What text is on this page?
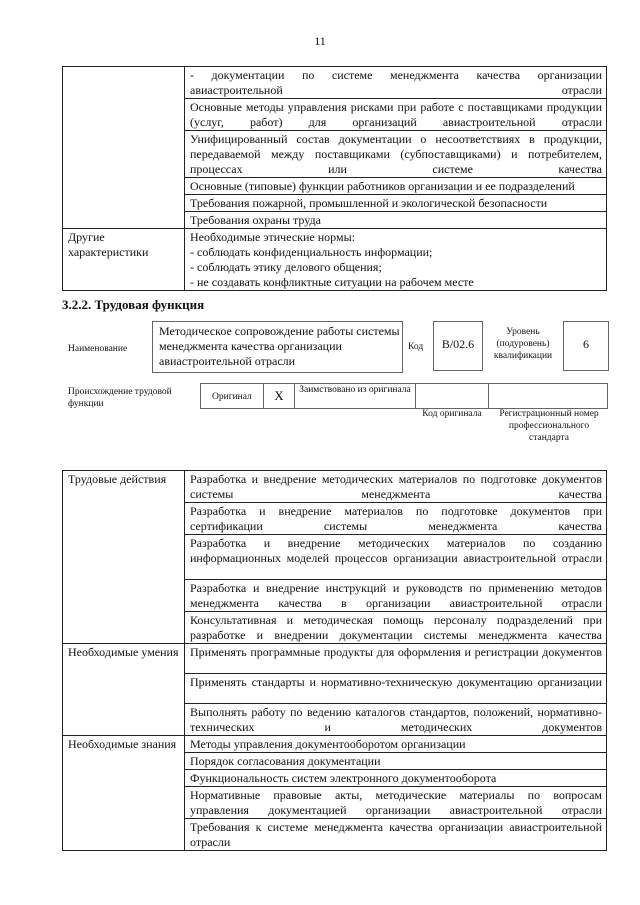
11
	- документации по системе менеджмента качества организации авиастроительной отрасли
	Основные методы управления рисками при работе с поставщиками продукции (услуг, работ) для организаций авиастроительной отрасли
	Унифицированный состав документации о несоответствиях в продукции, передаваемой между поставщиками (субпоставщиками) и потребителем, процессах или системе качества
	Основные (типовые) функции работников организации и ее подразделений
	Требования пожарной, промышленной и экологической безопасности
	Требования охраны труда
Другие характеристики	Необходимые этические нормы:
- соблюдать конфиденциальность информации;
- соблюдать этику делового общения;
- не создавать конфликтные ситуации на рабочем месте
3.2.2. Трудовая функция
Наименование
Методическое сопровождение работы системы менеджмента качества организации авиастроительной отрасли
Код	B/02.6
Уровень (подуровень) квалификации
6
Происхождение трудовой функции
Оригинал	X	Заимствовано из оригинала
Код оригинала	Регистрационный номер профессионального стандарта
Трудовые действия	Разработка и внедрение методических материалов по подготовке документов системы менеджмента качества
	Разработка и внедрение материалов по подготовке документов при сертификации системы менеджмента качества
	Разработка и внедрение методических материалов по созданию информационных моделей процессов организации авиастроительной отрасли
	Разработка и внедрение инструкций и руководств по применению методов менеджмента качества в организации авиастроительной отрасли
	Консультативная и методическая помощь персоналу подразделений при разработке и внедрении документации системы менеджмента качества
Необходимые умения	Применять программные продукты для оформления и регистрации документов
	Применять стандарты и нормативно-техническую документацию организации
	Выполнять работу по ведению каталогов стандартов, положений, нормативно-технических и методических документов
Необходимые знания	Методы управления документооборотом организации
	Порядок согласования документации
	Функциональность систем электронного документооборота
	Нормативные правовые акты, методические материалы по вопросам управления документацией организации авиастроительной отрасли
	Требования к системе менеджмента качества организации авиастроительной отрасли
